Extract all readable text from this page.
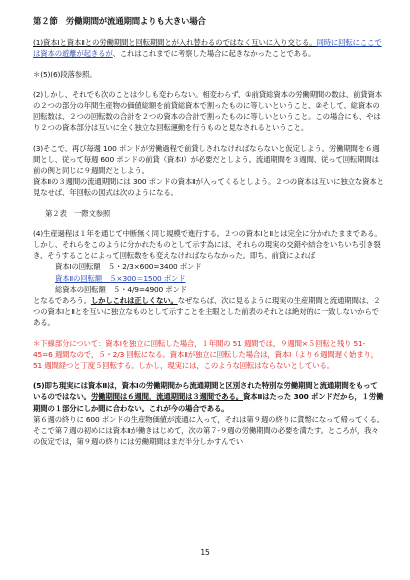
第２節　労働期間が流通期間よりも大きい場合

(1)資本Ⅰと資本Ⅱとの労働期間と回転期間とが入れ替わるのではなく互いに入り交じる。同時に回転にここでは資本の遊離が起きるが、これはこれまでに考察した場合に起きなかったことである。

＊(5)(6)段落参照。

(2)しかし、それでも次のことは少しも変わらない。相変わらず、①前貸総資本の労働期間の数は、前貸資本の２つの部分の年間生産物の価値総額を前貸総資本で割ったものに等しいということ、②そして、総資本の回転数は、２つの回転数の合計を２つの資本の合計で割ったものに等しいということ。この場合にも、やはり２つの資本部分は互いに全く独立な回転運動を行うものと見なされるということ。

(3)そこで、再び毎週 100 ポンドが労働過程で前貸しされなければならないと仮定しよう。労働期間を６週間とし、従って毎週 600 ポンドの前貸（資本Ⅰ）が必要だとしよう。流通期間を３週間、従って回転期間は前の例と同じに９週間だとしよう。
資本Ⅱの３週間の流通期間には 300 ポンドの資本Ⅱが入ってくるとしよう。２つの資本は互いに独立な資本と見なせば、年回転の図式は次のようになる。

第２表　一際文参照

(4)生産過程は１年を通じて中断無く同じ規模で進行する。２つの資本ⅠとⅡとは完全に分かれたままである。しかし、それらをこのように分かれたものとして示す為には、それらの現実の交錯や結合をいちいち引き裂き、そうすることによって回転数をも変えなければならなかった。即ち、前貸によれば

資本Ⅰの回転額　５・2/3×600=3400 ポンド

資本Ⅱの回転額　５×300＝1500 ポンド

総資本の回転額　５・4/9=4900 ポンド

となるであろう。しかしこれは正しくない。なぜならば、次に見るように現実の生産期間と流通期間は、２つの資本ⅠとⅡとを互いに独立なものとして示すことを主眼とした前表のそれとは絶対的に一致しないからである。

＊下線部分について：資本Ⅰを独立に回転した場合，１年間の 51 週間では，９週間×５回転と残り 51-45=6 週間なので，５・2/3 回転になる。資本Ⅱが独立に回転した場合は，資本Ⅰ（より６週間遅く始まり，51 週間経つと丁度５回転する。しかし，現実には，このような回転はならないとしている。

(5)即ち現実には資本Ⅱは，資本Ⅰの労働期間から流通期間と区別された特別な労働期間と流通期間をもっているのではない。労働期間は６週間，流通期間は３週間である。資本Ⅱはたった 300 ポンドだから，１労働期間の１部分にしか間に合わない。これが今の場合である。
第６週の終りに 600 ポンドの生産物価値が流通に入って，それは第９週の終りに貨幣になって帰ってくる。そこで第７週の初めには資本Ⅱが働きはじめて，次の第７-９週の労働期間の必要を満たす。ところが，我々の仮定では，第９週の終りには労働期間はまだ半分しかすんでい

15
